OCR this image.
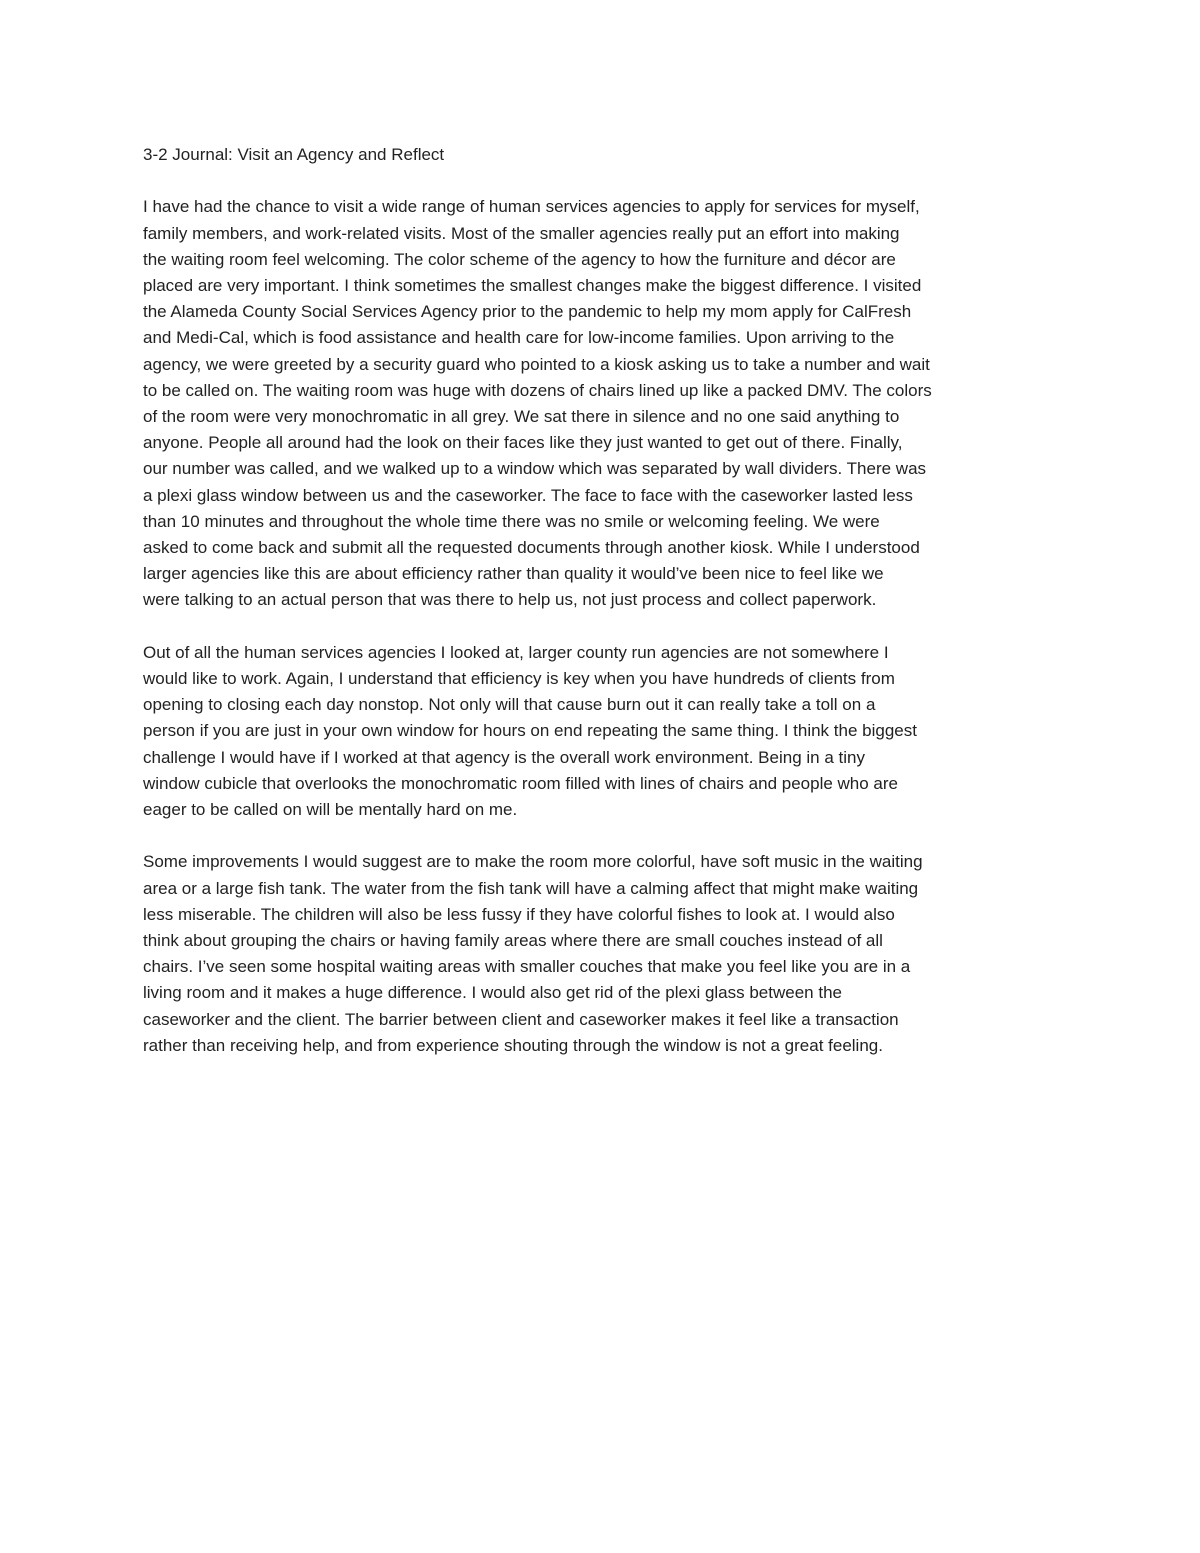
3-2 Journal: Visit an Agency and Reflect
I have had the chance to visit a wide range of human services agencies to apply for services for myself,
family members, and work-related visits. Most of the smaller agencies really put an effort into making
the waiting room feel welcoming. The color scheme of the agency to how the furniture and décor are
placed are very important. I think sometimes the smallest changes make the biggest difference. I visited
the Alameda County Social Services Agency prior to the pandemic to help my mom apply for CalFresh
and Medi-Cal, which is food assistance and health care for low-income families. Upon arriving to the
agency, we were greeted by a security guard who pointed to a kiosk asking us to take a number and wait
to be called on. The waiting room was huge with dozens of chairs lined up like a packed DMV. The colors
of the room were very monochromatic in all grey. We sat there in silence and no one said anything to
anyone. People all around had the look on their faces like they just wanted to get out of there. Finally,
our number was called, and we walked up to a window which was separated by wall dividers. There was
a plexi glass window between us and the caseworker. The face to face with the caseworker lasted less
than 10 minutes and throughout the whole time there was no smile or welcoming feeling. We were
asked to come back and submit all the requested documents through another kiosk. While I understood
larger agencies like this are about efficiency rather than quality it would’ve been nice to feel like we
were talking to an actual person that was there to help us, not just process and collect paperwork.
Out of all the human services agencies I looked at, larger county run agencies are not somewhere I
would like to work. Again, I understand that efficiency is key when you have hundreds of clients from
opening to closing each day nonstop. Not only will that cause burn out it can really take a toll on a
person if you are just in your own window for hours on end repeating the same thing. I think the biggest
challenge I would have if I worked at that agency is the overall work environment. Being in a tiny
window cubicle that overlooks the monochromatic room filled with lines of chairs and people who are
eager to be called on will be mentally hard on me.
Some improvements I would suggest are to make the room more colorful, have soft music in the waiting
area or a large fish tank. The water from the fish tank will have a calming affect that might make waiting
less miserable. The children will also be less fussy if they have colorful fishes to look at. I would also
think about grouping the chairs or having family areas where there are small couches instead of all
chairs. I’ve seen some hospital waiting areas with smaller couches that make you feel like you are in a
living room and it makes a huge difference. I would also get rid of the plexi glass between the
caseworker and the client. The barrier between client and caseworker makes it feel like a transaction
rather than receiving help, and from experience shouting through the window is not a great feeling.
